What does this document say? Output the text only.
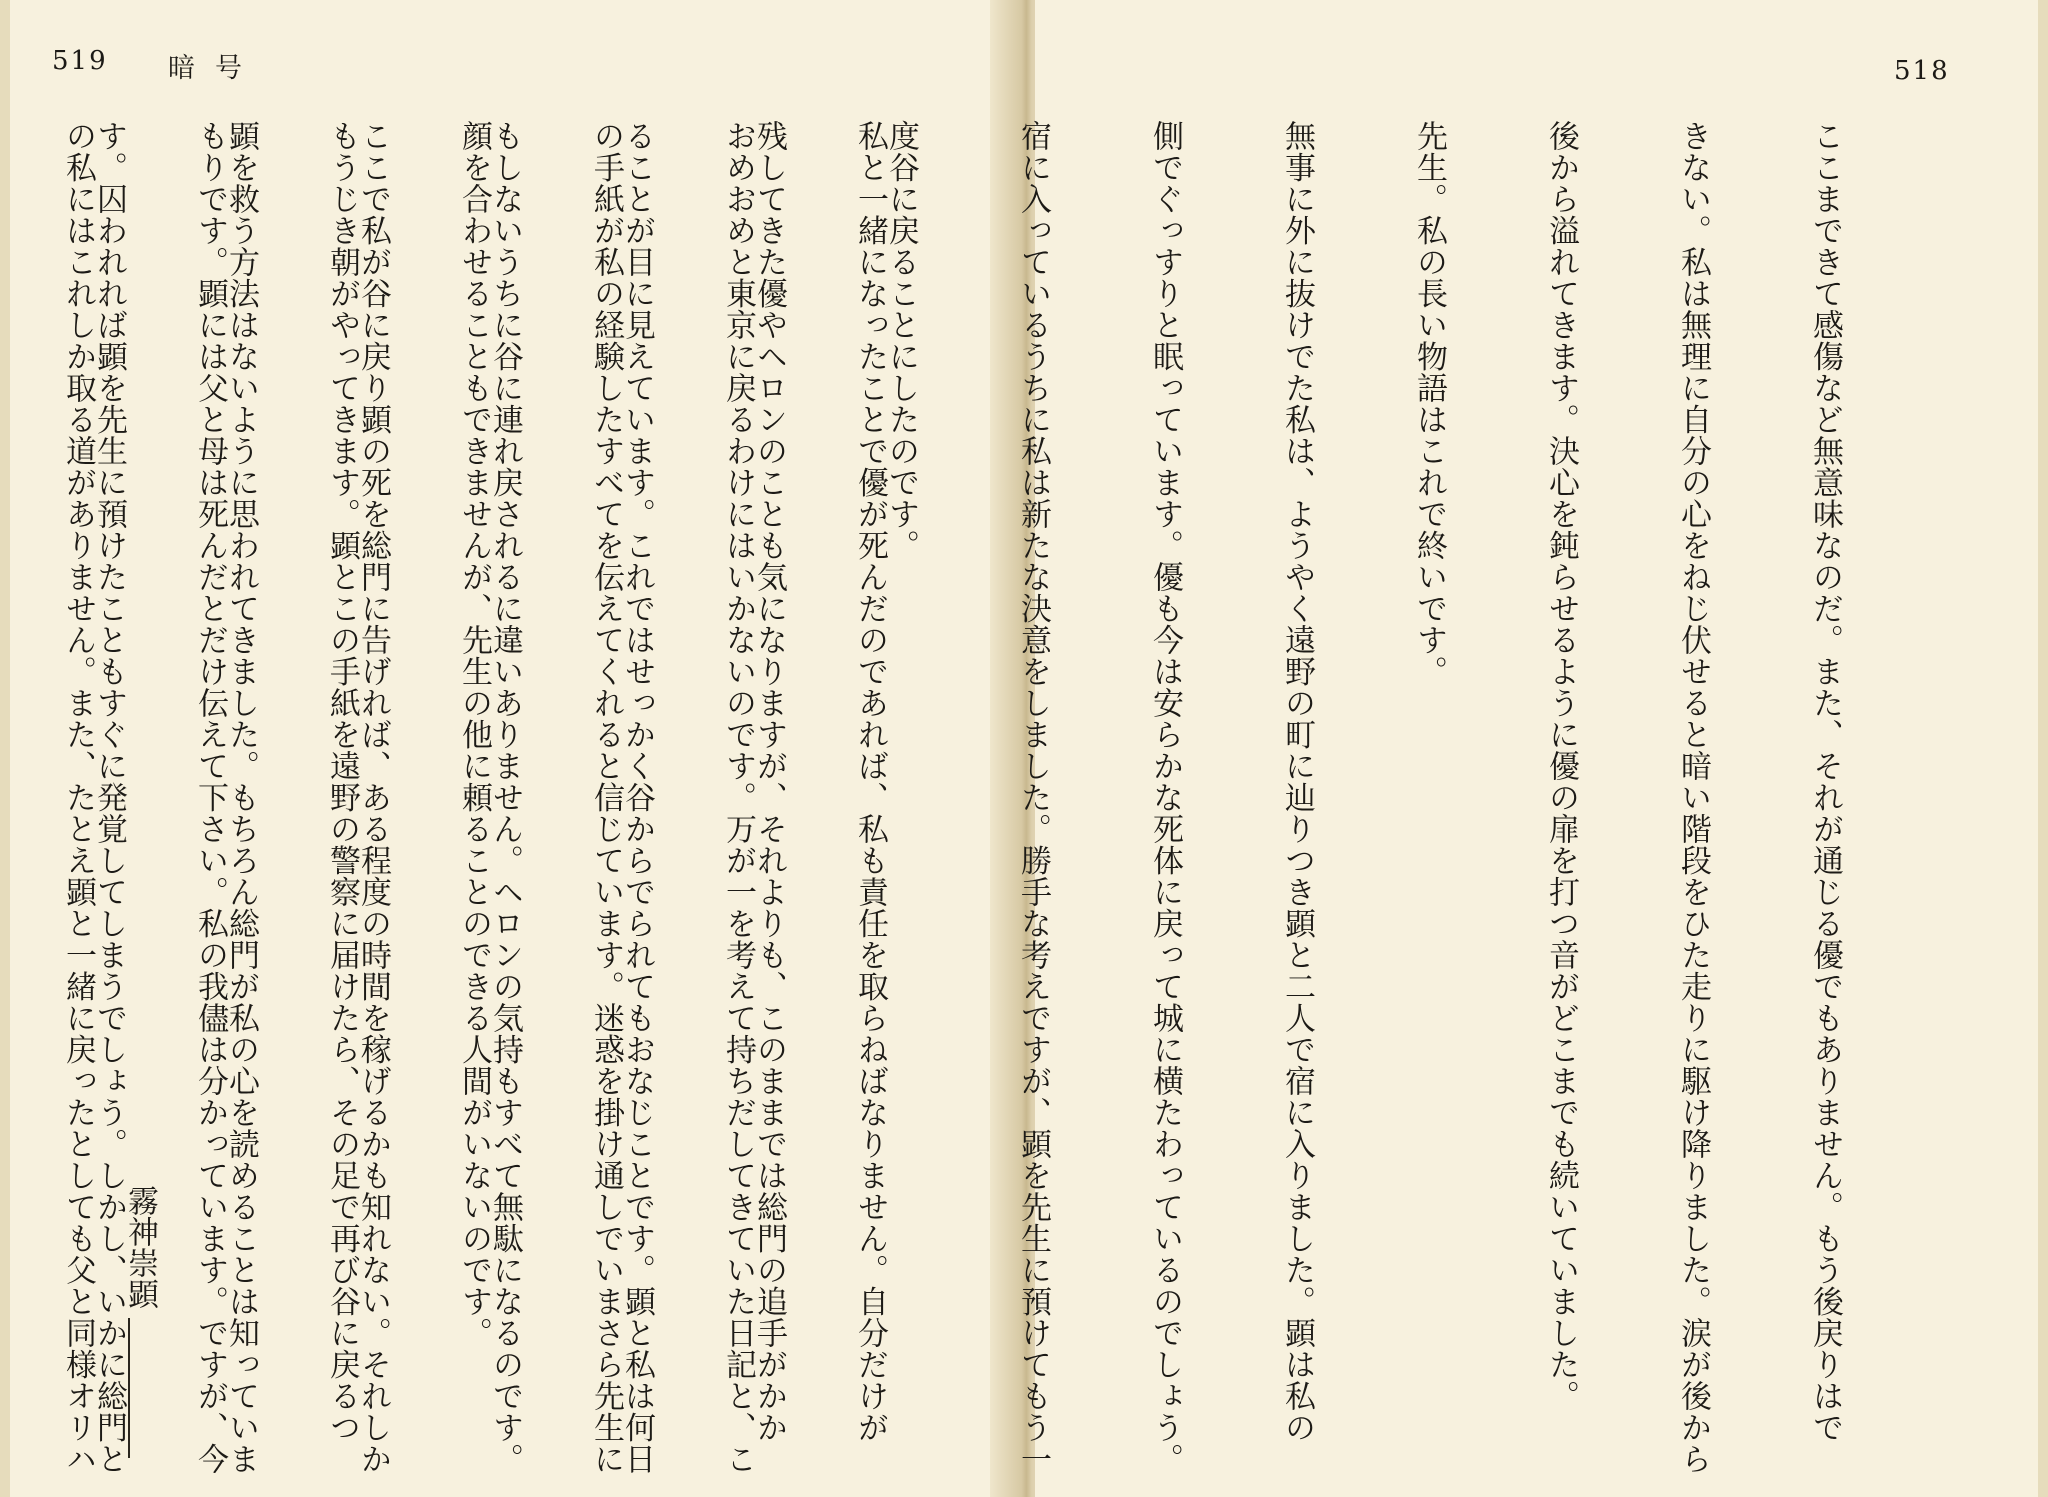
519 暗号

私と一緒になったことで優が死んだのであれば、私も責任を取らねばなりません。自分だけが

おめおめと東京に戻るわけにはいかないのです。万が一を考えて持ちだしてきていた日記と、こ

の手紙が私の経験したすべてを伝えてくれると信じています。迷惑を掛け通しでいまさら先生に

顔を合わせることもできませんが、先生の他に頼ることのできる人間がいないのです。

もうじき朝がやってきます。顕とこの手紙を遠野の警察に届けたら、その足で再び谷に戻るつ

もりです。顕には父と母は死んだとだけ伝えて下さい。私の我儘は分かっています。ですが、今

の私にはこれしか取る道がありません。また、たとえ顕と一緒に戻ったとしても父と同様オリハ

霧神崇顕
518

ここまできて感傷など無意味なのだ。また、それが通じる優でもありません。もう後戻りはで

きない。私は無理に自分の心をねじ伏せると暗い階段をひた走りに駆け降りました。涙が後から

後から溢れてきます。決心を鈍らせるように優の扉を打つ音がどこまでも続いていました。

先生。私の長い物語はこれで終いです。

無事に外に抜けでた私は、ようやく遠野の町に辿りつき顕と二人で宿に入りました。顕は私の

側でぐっすりと眠っています。優も今は安らかな死体に戻って城に横たわっているのでしょう。

宿に入っているうちに私は新たな決意をしました。勝手な考えですが、顕を先生に預けてもう一

度谷に戻ることにしたのです。

残してきた優やヘロンのことも気になりますが、それよりも、このままでは総門の追手がかか

ることが目に見えています。これではせっかく谷からでられてもおなじことです。顕と私は何日

もしないうちに谷に連れ戻されるに違いありません。ヘロンの気持もすべて無駄になるのです。

ここで私が谷に戻り顕の死を総門に告げれば、ある程度の時間を稼げるかも知れない。それしか

顕を救う方法はないように思われてきました。もちろん総門が私の心を読めることは知っていま

す。囚われれば顕を先生に預けたこともすぐに発覚してしまうでしょう。しかし、いかに総門と
